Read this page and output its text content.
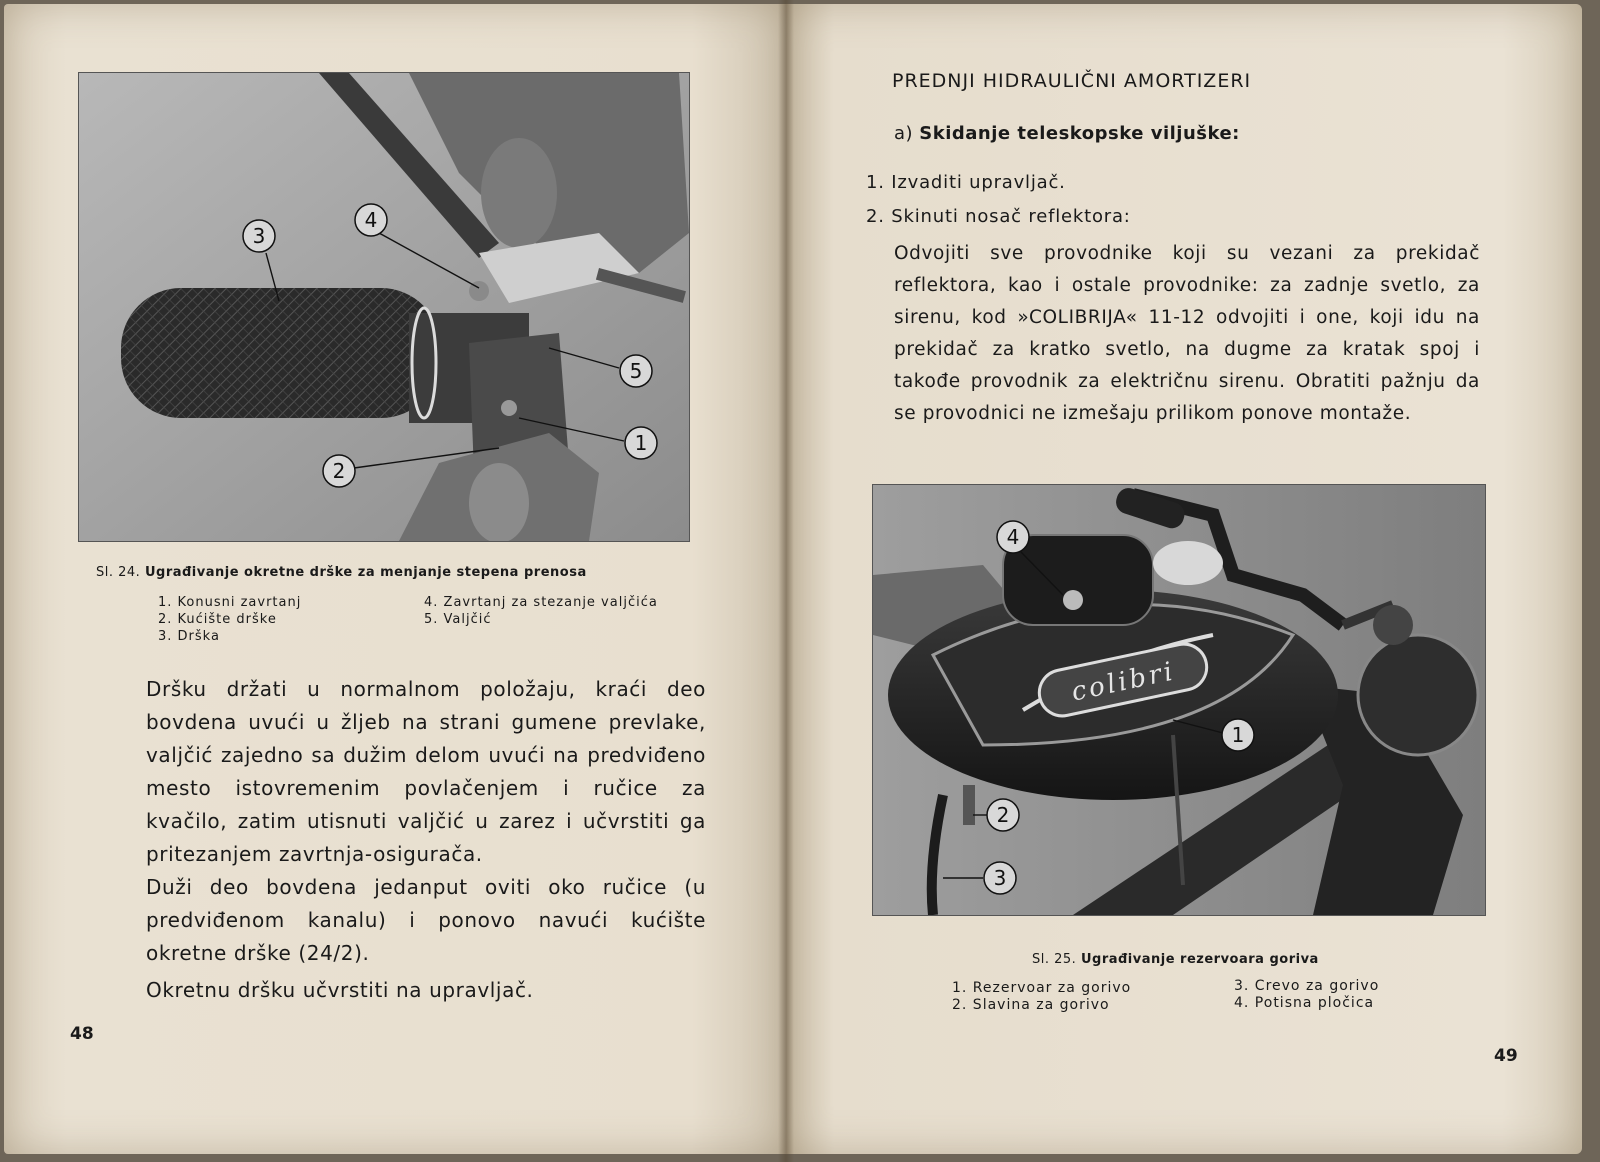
3
4
5
1
2
Sl. 24. Ugrađivanje okretne drške za menjanje stepena prenosa
1. Konusni zavrtanj
2. Kućište drške
3. Drška
4. Zavrtanj za stezanje valjčića
5. Valjčić

Dršku držati u normalnom položaju, kraći deo bovdena uvući u žljeb na strani gumene prevlake, valjčić zajedno sa dužim delom uvući na predviđeno mesto istovremenim povlačenjem i ručice za kvačilo, zatim utisnuti valjčić u zarez i učvrstiti ga pritezanjem zavrtnja-osigurača.

Duži deo bovdena jedanput oviti oko ručice (u predviđenom kanalu) i ponovo navući kućište okretne drške (24/2).

Okretnu dršku učvrstiti na upravljač.

48
PREDNJI HIDRAULIČNI AMORTIZERI
a) Skidanje teleskopske viljuške:
1. Izvaditi upravljač.
2. Skinuti nosač reflektora:
Odvojiti sve provodnike koji su vezani za prekidač reflektora, kao i ostale provodnike: za zadnje svetlo, za sirenu, kod »COLIBRIJA« 11-12 odvojiti i one, koji idu na prekidač za kratko svetlo, na dugme za kratak spoj i takođe provodnik za električnu sirenu. Obratiti pažnju da se provodnici ne izmešaju prilikom ponove montaže.
colibri
4
1
2
3
Sl. 25. Ugrađivanje rezervoara goriva
1. Rezervoar za gorivo
2. Slavina za gorivo
3. Crevo za gorivo
4. Potisna pločica
49
